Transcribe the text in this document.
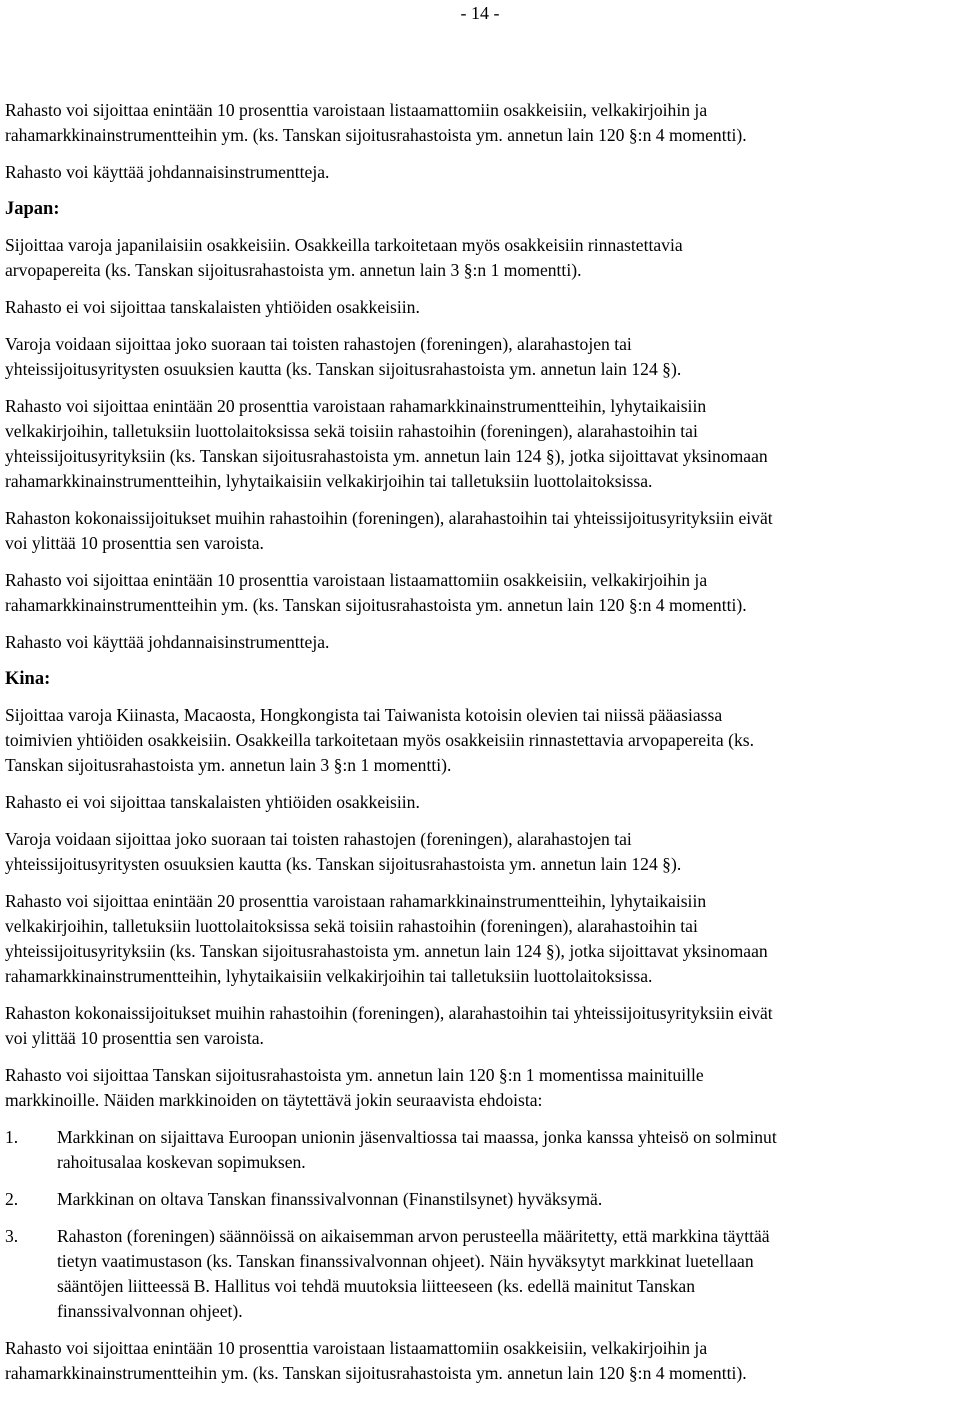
- 14 -
Rahasto voi sijoittaa enintään 10 prosenttia varoistaan listaamattomiin osakkeisiin, velkakirjoihin ja
rahamarkkinainstrumentteihin ym. (ks. Tanskan sijoitusrahastoista ym. annetun lain 120 §:n 4 momentti).
Rahasto voi käyttää johdannaisinstrumentteja.
Japan:
Sijoittaa varoja japanilaisiin osakkeisiin. Osakkeilla tarkoitetaan myös osakkeisiin rinnastettavia
arvopapereita (ks. Tanskan sijoitusrahastoista ym. annetun lain 3 §:n 1 momentti).
Rahasto ei voi sijoittaa tanskalaisten yhtiöiden osakkeisiin.
Varoja voidaan sijoittaa joko suoraan tai toisten rahastojen (foreningen), alarahastojen tai
yhteissijoitusyritysten osuuksien kautta (ks. Tanskan sijoitusrahastoista ym. annetun lain 124 §).
Rahasto voi sijoittaa enintään 20 prosenttia varoistaan rahamarkkinainstrumentteihin, lyhytaikaisiin
velkakirjoihin, talletuksiin luottolaitoksissa sekä toisiin rahastoihin (foreningen), alarahastoihin tai
yhteissijoitusyrityksiin (ks. Tanskan sijoitusrahastoista ym. annetun lain 124 §), jotka sijoittavat yksinomaan
rahamarkkinainstrumentteihin, lyhytaikaisiin velkakirjoihin tai talletuksiin luottolaitoksissa.
Rahaston kokonaissijoitukset muihin rahastoihin (foreningen), alarahastoihin tai yhteissijoitusyrityksiin eivät
voi ylittää 10 prosenttia sen varoista.
Rahasto voi sijoittaa enintään 10 prosenttia varoistaan listaamattomiin osakkeisiin, velkakirjoihin ja
rahamarkkinainstrumentteihin ym. (ks. Tanskan sijoitusrahastoista ym. annetun lain 120 §:n 4 momentti).
Rahasto voi käyttää johdannaisinstrumentteja.
Kina:
Sijoittaa varoja Kiinasta, Macaosta, Hongkongista tai Taiwanista kotoisin olevien tai niissä pääasiassa
toimivien yhtiöiden osakkeisiin. Osakkeilla tarkoitetaan myös osakkeisiin rinnastettavia arvopapereita (ks.
Tanskan sijoitusrahastoista ym. annetun lain 3 §:n 1 momentti).
Rahasto ei voi sijoittaa tanskalaisten yhtiöiden osakkeisiin.
Varoja voidaan sijoittaa joko suoraan tai toisten rahastojen (foreningen), alarahastojen tai
yhteissijoitusyritysten osuuksien kautta (ks. Tanskan sijoitusrahastoista ym. annetun lain 124 §).
Rahasto voi sijoittaa enintään 20 prosenttia varoistaan rahamarkkinainstrumentteihin, lyhytaikaisiin
velkakirjoihin, talletuksiin luottolaitoksissa sekä toisiin rahastoihin (foreningen), alarahastoihin tai
yhteissijoitusyrityksiin (ks. Tanskan sijoitusrahastoista ym. annetun lain 124 §), jotka sijoittavat yksinomaan
rahamarkkinainstrumentteihin, lyhytaikaisiin velkakirjoihin tai talletuksiin luottolaitoksissa.
Rahaston kokonaissijoitukset muihin rahastoihin (foreningen), alarahastoihin tai yhteissijoitusyrityksiin eivät
voi ylittää 10 prosenttia sen varoista.
Rahasto voi sijoittaa Tanskan sijoitusrahastoista ym. annetun lain 120 §:n 1 momentissa mainituille
markkinoille. Näiden markkinoiden on täytettävä jokin seuraavista ehdoista:
1. Markkinan on sijaittava Euroopan unionin jäsenvaltiossa tai maassa, jonka kanssa yhteisö on solminut
rahoitusalaa koskevan sopimuksen.
2. Markkinan on oltava Tanskan finanssivalvonnan (Finanstilsynet) hyväksymä.
3. Rahaston (foreningen) säännöissä on aikaisemman arvon perusteella määritetty, että markkina täyttää
tietyn vaatimustason (ks. Tanskan finanssivalvonnan ohjeet). Näin hyväksytyt markkinat luetellaan
sääntöjen liitteessä B. Hallitus voi tehdä muutoksia liitteeseen (ks. edellä mainitut Tanskan
finanssivalvonnan ohjeet).
Rahasto voi sijoittaa enintään 10 prosenttia varoistaan listaamattomiin osakkeisiin, velkakirjoihin ja
rahamarkkinainstrumentteihin ym. (ks. Tanskan sijoitusrahastoista ym. annetun lain 120 §:n 4 momentti).
